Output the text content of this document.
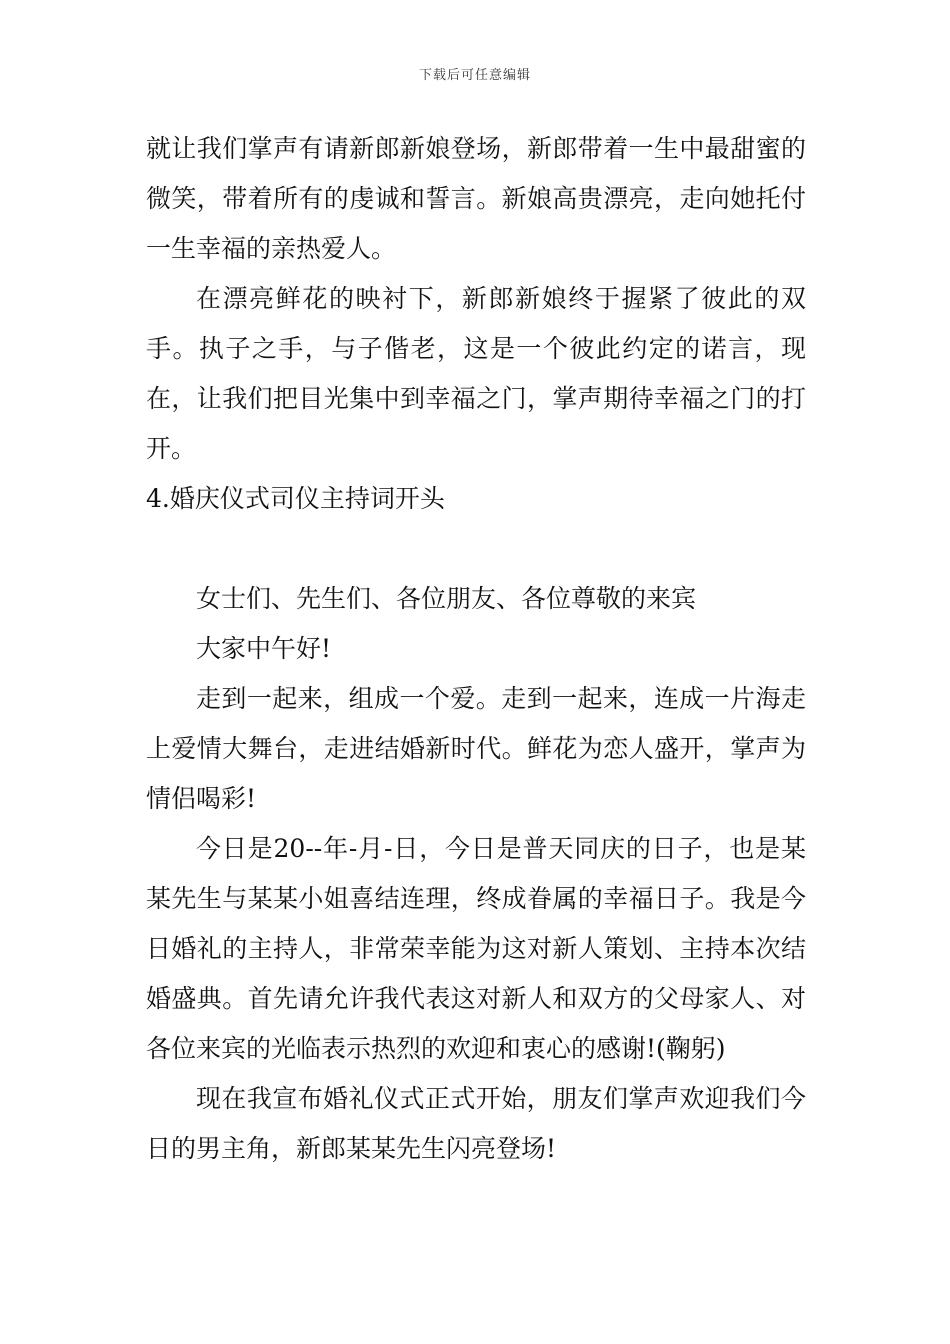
下载后可任意编辑

就让我们掌声有请新郎新娘登场，新郎带着一生中最甜蜜的微笑，带着所有的虔诚和誓言。新娘高贵漂亮，走向她托付一生幸福的亲热爱人。

在漂亮鲜花的映衬下，新郎新娘终于握紧了彼此的双手。执子之手，与子偕老，这是一个彼此约定的诺言，现在，让我们把目光集中到幸福之门，掌声期待幸福之门的打开。

4.婚庆仪式司仪主持词开头

女士们、先生们、各位朋友、各位尊敬的来宾

大家中午好!

走到一起来，组成一个爱。走到一起来，连成一片海走上爱情大舞台，走进结婚新时代。鲜花为恋人盛开，掌声为情侣喝彩!

今日是20--年-月-日，今日是普天同庆的日子，也是某某先生与某某小姐喜结连理，终成眷属的幸福日子。我是今日婚礼的主持人，非常荣幸能为这对新人策划、主持本次结婚盛典。首先请允许我代表这对新人和双方的父母家人、对各位来宾的光临表示热烈的欢迎和衷心的感谢!(鞠躬)

现在我宣布婚礼仪式正式开始，朋友们掌声欢迎我们今日的男主角，新郎某某先生闪亮登场!
